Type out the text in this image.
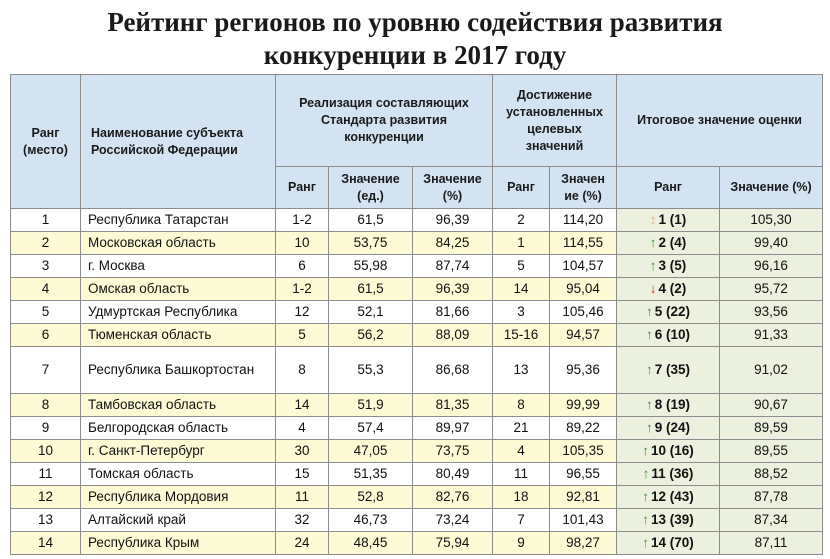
Рейтинг регионов по уровню содействия развития
конкуренции в 2017 году
Ранг (место)	Наименование субъекта Российской Федерации	Реализация составляющих Стандарта развития конкуренции			Достижение установленных целевых значений		Итоговое значение оценки	
		Ранг	Значение (ед.)	Значение (%)	Ранг	Значен ие (%)	Ранг	Значение (%)
1	Республика Татарстан	1-2	61,5	96,39	2	114,20	↕ 1 (1)	105,30
2	Московская область	10	53,75	84,25	1	114,55	↑ 2 (4)	99,40
3	г. Москва	6	55,98	87,74	5	104,57	↑ 3 (5)	96,16
4	Омская область	1-2	61,5	96,39	14	95,04	↓ 4 (2)	95,72
5	Удмуртская Республика	12	52,1	81,66	3	105,46	↑ 5 (22)	93,56
6	Тюменская область	5	56,2	88,09	15-16	94,57	↑ 6 (10)	91,33
7	Республика Башкортостан	8	55,3	86,68	13	95,36	↑ 7 (35)	91,02
8	Тамбовская область	14	51,9	81,35	8	99,99	↑ 8 (19)	90,67
9	Белгородская область	4	57,4	89,97	21	89,22	↑ 9 (24)	89,59
10	г. Санкт-Петербург	30	47,05	73,75	4	105,35	↑ 10 (16)	89,55
11	Томская область	15	51,35	80,49	11	96,55	↑ 11 (36)	88,52
12	Республика Мордовия	11	52,8	82,76	18	92,81	↑ 12 (43)	87,78
13	Алтайский край	32	46,73	73,24	7	101,43	↑ 13 (39)	87,34
14	Республика Крым	24	48,45	75,94	9	98,27	↑ 14 (70)	87,11
